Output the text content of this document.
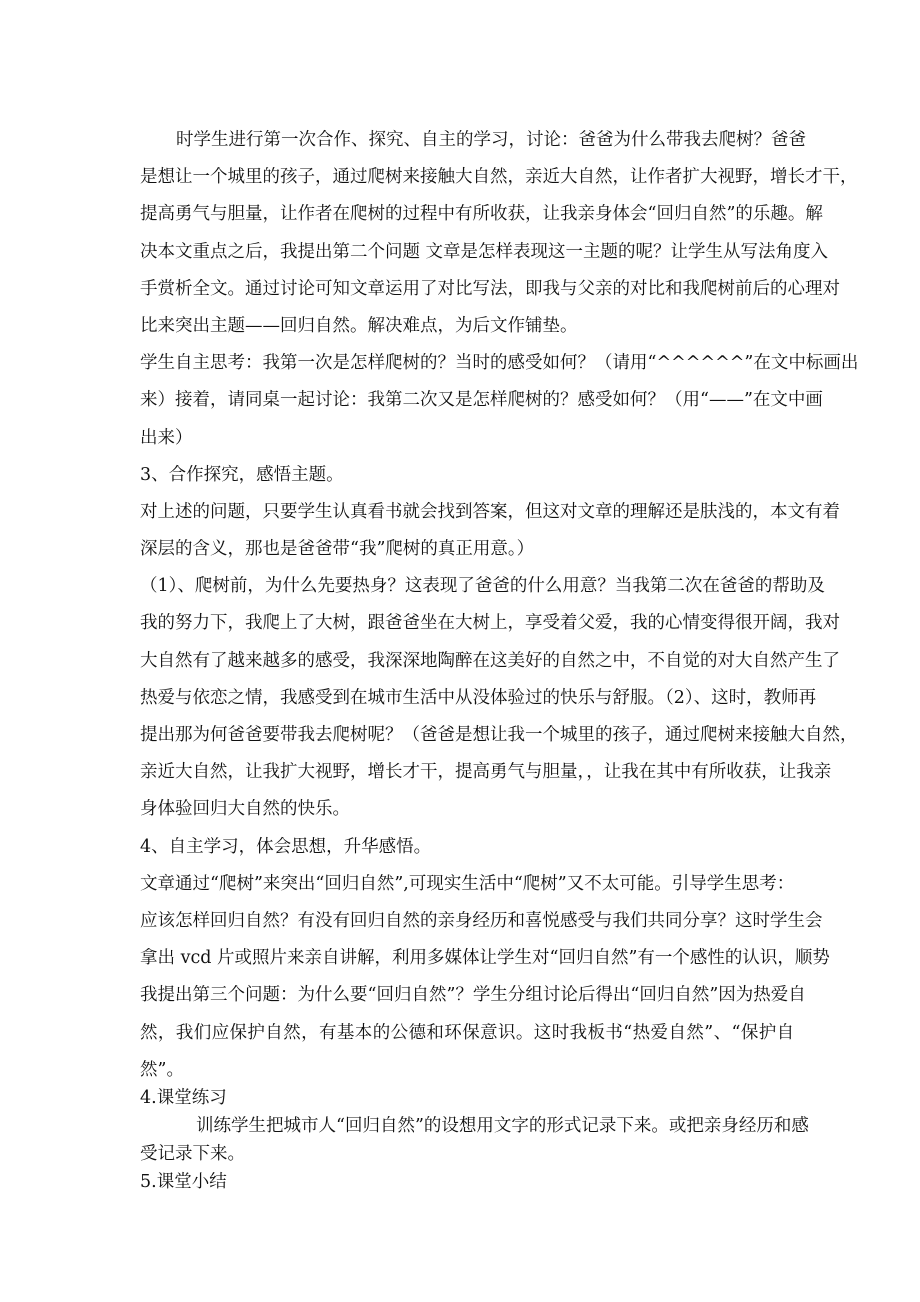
时学生进行第一次合作、探究、自主的学习，讨论：爸爸为什么带我去爬树？爸爸
是想让一个城里的孩子，通过爬树来接触大自然，亲近大自然，让作者扩大视野，增长才干，
提高勇气与胆量，让作者在爬树的过程中有所收获，让我亲身体会“回归自然”的乐趣。解
决本文重点之后，我提出第二个问题 文章是怎样表现这一主题的呢？让学生从写法角度入
手赏析全文。通过讨论可知文章运用了对比写法，即我与父亲的对比和我爬树前后的心理对
比来突出主题——回归自然。解决难点，为后文作铺垫。
学生自主思考：我第一次是怎样爬树的？当时的感受如何？（请用“^^^^^^”在文中标画出
来）接着，请同桌一起讨论：我第二次又是怎样爬树的？感受如何？（用“——”在文中画
出来）
3、合作探究，感悟主题。
对上述的问题，只要学生认真看书就会找到答案，但这对文章的理解还是肤浅的，本文有着
深层的含义，那也是爸爸带“我”爬树的真正用意。）
（1）、爬树前，为什么先要热身？这表现了爸爸的什么用意？当我第二次在爸爸的帮助及
我的努力下，我爬上了大树，跟爸爸坐在大树上，享受着父爱，我的心情变得很开阔，我对
大自然有了越来越多的感受，我深深地陶醉在这美好的自然之中，不自觉的对大自然产生了
热爱与依恋之情，我感受到在城市生活中从没体验过的快乐与舒服。（2）、这时，教师再
提出那为何爸爸要带我去爬树呢？（爸爸是想让我一个城里的孩子，通过爬树来接触大自然，
亲近大自然，让我扩大视野，增长才干，提高勇气与胆量，，让我在其中有所收获，让我亲
身体验回归大自然的快乐。
4、自主学习，体会思想，升华感悟。
文章通过“爬树”来突出“回归自然”,可现实生活中“爬树”又不太可能。引导学生思考：
应该怎样回归自然？有没有回归自然的亲身经历和喜悦感受与我们共同分享？这时学生会
拿出 vcd 片或照片来亲自讲解，利用多媒体让学生对“回归自然”有一个感性的认识，顺势
我提出第三个问题：为什么要“回归自然”？学生分组讨论后得出“回归自然”因为热爱自
然，我们应保护自然，有基本的公德和环保意识。这时我板书“热爱自然”、“保护自
然”。
4.课堂练习
训练学生把城市人“回归自然”的设想用文字的形式记录下来。或把亲身经历和感
受记录下来。
5.课堂小结
